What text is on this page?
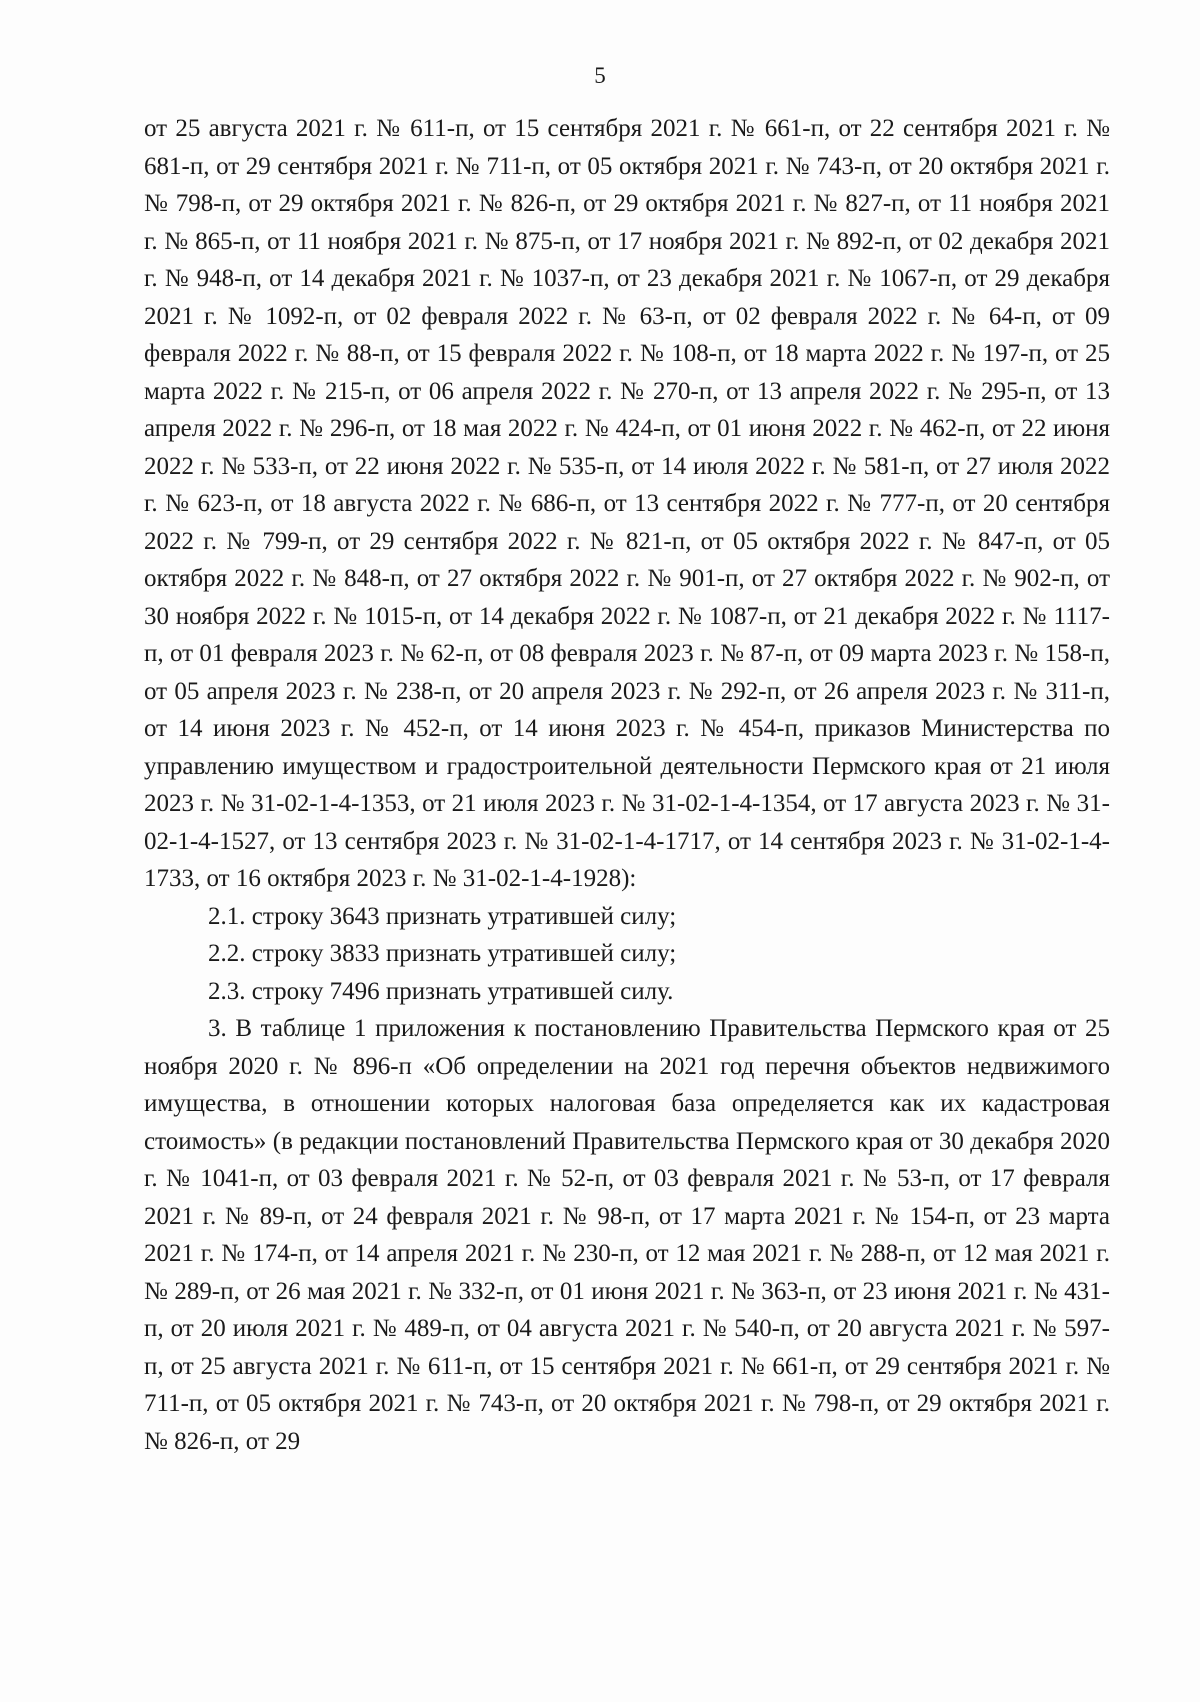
5

от 25 августа 2021 г. № 611-п, от 15 сентября 2021 г. № 661-п, от 22 сентября 2021 г. № 681-п, от 29 сентября 2021 г. № 711-п, от 05 октября 2021 г. № 743-п, от 20 октября 2021 г. № 798-п, от 29 октября 2021 г. № 826-п, от 29 октября 2021 г. № 827-п, от 11 ноября 2021 г. № 865-п, от 11 ноября 2021 г. № 875-п, от 17 ноября 2021 г. № 892-п, от 02 декабря 2021 г. № 948-п, от 14 декабря 2021 г. № 1037-п, от 23 декабря 2021 г. № 1067-п, от 29 декабря 2021 г. № 1092-п, от 02 февраля 2022 г. № 63-п, от 02 февраля 2022 г. № 64-п, от 09 февраля 2022 г. № 88-п, от 15 февраля 2022 г. № 108-п, от 18 марта 2022 г. № 197-п, от 25 марта 2022 г. № 215-п, от 06 апреля 2022 г. № 270-п, от 13 апреля 2022 г. № 295-п, от 13 апреля 2022 г. № 296-п, от 18 мая 2022 г. № 424-п, от 01 июня 2022 г. № 462-п, от 22 июня 2022 г. № 533-п, от 22 июня 2022 г. № 535-п, от 14 июля 2022 г. № 581-п, от 27 июля 2022 г. № 623-п, от 18 августа 2022 г. № 686-п, от 13 сентября 2022 г. № 777-п, от 20 сентября 2022 г. № 799-п, от 29 сентября 2022 г. № 821-п, от 05 октября 2022 г. № 847-п, от 05 октября 2022 г. № 848-п, от 27 октября 2022 г. № 901-п, от 27 октября 2022 г. № 902-п, от 30 ноября 2022 г. № 1015-п, от 14 декабря 2022 г. № 1087-п, от 21 декабря 2022 г. № 1117-п, от 01 февраля 2023 г. № 62-п, от 08 февраля 2023 г. № 87-п, от 09 марта 2023 г. № 158-п, от 05 апреля 2023 г. № 238-п, от 20 апреля 2023 г. № 292-п, от 26 апреля 2023 г. № 311-п, от 14 июня 2023 г. № 452-п, от 14 июня 2023 г. № 454-п, приказов Министерства по управлению имуществом и градостроительной деятельности Пермского края от 21 июля 2023 г. № 31-02-1-4-1353, от 21 июля 2023 г. № 31-02-1-4-1354, от 17 августа 2023 г. № 31-02-1-4-1527, от 13 сентября 2023 г. № 31-02-1-4-1717, от 14 сентября 2023 г. № 31-02-1-4-1733, от 16 октября 2023 г. № 31-02-1-4-1928):

2.1. строку 3643 признать утратившей силу;

2.2. строку 3833 признать утратившей силу;

2.3. строку 7496 признать утратившей силу.

3. В таблице 1 приложения к постановлению Правительства Пермского края от 25 ноября 2020 г. № 896-п «Об определении на 2021 год перечня объектов недвижимого имущества, в отношении которых налоговая база определяется как их кадастровая стоимость» (в редакции постановлений Правительства Пермского края от 30 декабря 2020 г. № 1041-п, от 03 февраля 2021 г. № 52-п, от 03 февраля 2021 г. № 53-п, от 17 февраля 2021 г. № 89-п, от 24 февраля 2021 г. № 98-п, от 17 марта 2021 г. № 154-п, от 23 марта 2021 г. № 174-п, от 14 апреля 2021 г. № 230-п, от 12 мая 2021 г. № 288-п, от 12 мая 2021 г. № 289-п, от 26 мая 2021 г. № 332-п, от 01 июня 2021 г. № 363-п, от 23 июня 2021 г. № 431-п, от 20 июля 2021 г. № 489-п, от 04 августа 2021 г. № 540-п, от 20 августа 2021 г. № 597-п, от 25 августа 2021 г. № 611-п, от 15 сентября 2021 г. № 661-п, от 29 сентября 2021 г. № 711-п, от 05 октября 2021 г. № 743-п, от 20 октября 2021 г. № 798-п, от 29 октября 2021 г. № 826-п, от 29
